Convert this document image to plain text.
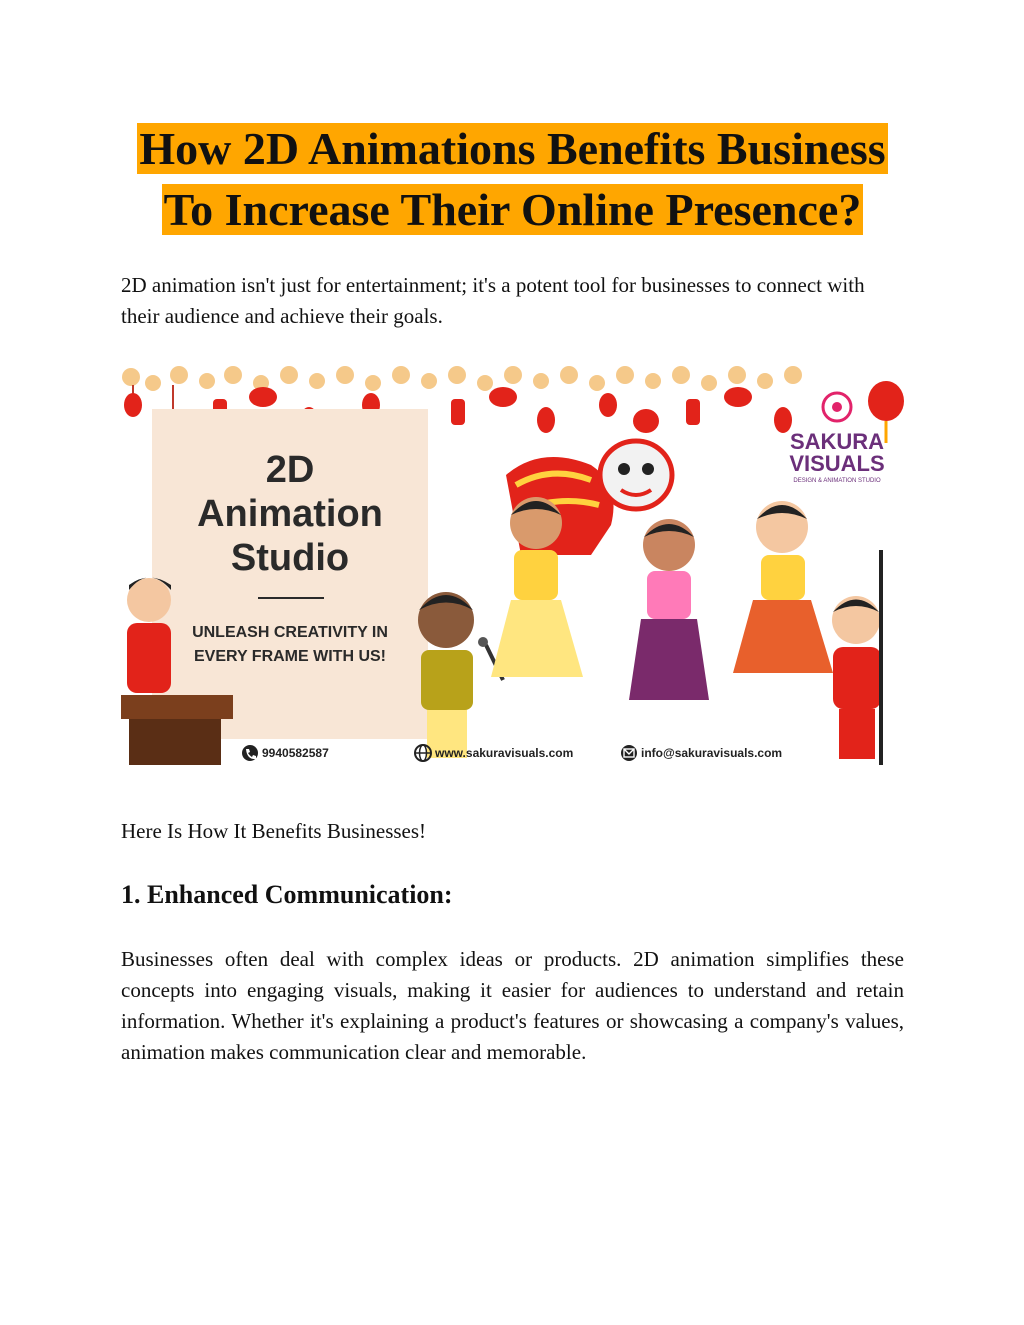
How 2D Animations Benefits Business
To Increase Their Online Presence?

2D animation isn't just for entertainment; it's a potent tool for businesses to connect with their audience and achieve their goals.

2D
Animation
Studio
UNLEASH CREATIVITY IN
EVERY FRAME WITH US!
SAKURA
VISUALS
DESIGN & ANIMATION STUDIO
9940582587	www.sakuravisuals.com	info@sakuravisuals.com

Here Is How It Benefits Businesses!

1. Enhanced Communication:

Businesses often deal with complex ideas or products. 2D animation simplifies these concepts into engaging visuals, making it easier for audiences to understand and retain information. Whether it's explaining a product's features or showcasing a company's values, animation makes communication clear and memorable.
